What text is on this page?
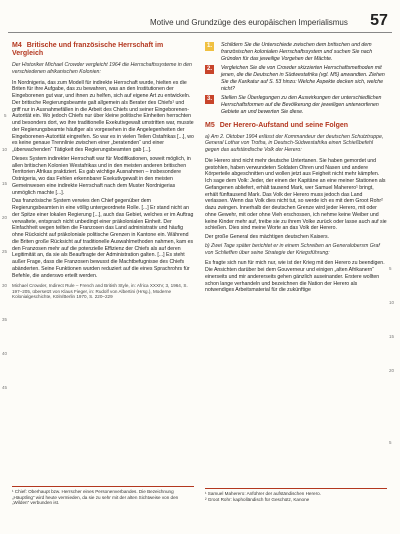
Motive und Grundzüge des europäischen Imperialismus 57
M4 Britische und französische Herrschaft im Vergleich

Der Historiker Michael Crowder vergleicht 1964 die Herrschaftssysteme in den verschiedenen afrikanischen Kolonien:

In Nordnigeria, das zum Modell für indirekte Herrschaft wurde, hielten es die Briten für ihre Aufgabe, das zu bewahren, was an den Institutionen der Eingeborenen gut war, und ihnen zu helfen, sich auf eigene Art zu entwickeln. Der britische Regierungsbeamte galt allgemein als Berater des Chiefs¹ und griff nur in Ausnahmefällen in die Arbeit des Chiefs und seiner Eingeborenen-Autorität ein. Wo jedoch Chiefs nur über kleine politische Einheiten herrschten und besonders dort, wo ihre traditionelle Exekutivgewalt umstritten war, musste der Regierungsbeamte häufiger als vorgesehen in die Angelegenheiten der Eingeborenen-Autorität eingreifen. So war es in vielen Teilen Ostafrikas [...], wo es keine genaue Trennlinie zwischen einer „beratenden“ und einer „überwachenden“ Tätigkeit des Regierungsbeamten gab [...].

Dieses System indirekter Herrschaft war für Modifikationen, soweit möglich, in allen britischen Kolonien Westafrikas und in den meisten anderen britischen Territorien Afrikas praktiziert. Es gab wichtige Ausnahmen – insbesondere Ostnigeria, wo das Fehlen erkennbarer Exekutivgewalt in den meisten Gemeinwesen eine indirekte Herrschaft nach dem Muster Nordnigerias unmöglich machte [...].

Das französische System verwies den Chief gegenüber dem Regierungsbeamten in eine völlig untergeordnete Rolle. [...] Er stand nicht an der Spitze einer lokalen Regierung [...], auch das Gebiet, welches er im Auftrag verwaltete, entsprach nicht unbedingt einer präkolonialen Einheit. Der Einfachheit wegen teilten die Franzosen das Land administrativ und häufig ohne Rücksicht auf präkoloniale politische Grenzen in Kantone ein. Während die Briten große Rücksicht auf traditionelle Auswahlmethoden nahmen, kam es den Franzosen mehr auf die potenzielle Effizienz der Chiefs als auf deren Legitimität an, da sie als Beauftragte der Administration galten. [...] Es steht außer Frage, dass die Franzosen bewusst die Machtbefugnisse des Chiefs abänderten. Seine Funktionen wurden reduziert auf die eines Sprachrohrs für Befehle, die anderswo erteilt werden.

Michael Crowder, Indirect Rule – French and British Style, in: Africa XXXIV, 3, 1964, S. 197–205, übersetzt von Klaus Fieger, in: Rudolf von Albertini (Hrsg.), Moderne Kolonialgeschichte, Köln/Berlin 1970, S. 220–229

¹ Chief: Oberhaupt bzw. Herrscher eines Personenverbandes. Die Bezeichnung „Häuptling“ wird heute vermieden, da sie zu sehr mit der alten Sichtweise von den „Wilden“ verbunden ist.

1.	Schildern Sie die Unterschiede zwischen dem britischen und dem französischen kolonialen Herrschaftssystem und suchen Sie nach Gründen für das jeweilige Vorgehen der Mächte.
2.	Vergleichen Sie die von Crowder skizzierten Herrschaftsmethoden mit jenen, die die Deutschen in Südwestafrika (vgl. M5) anwandten. Ziehen Sie die Karikatur auf S. 53 hinzu: Welche Aspekte decken sich, welche nicht?
3.	Stellen Sie Überlegungen zu den Auswirkungen der unterschiedlichen Herrschaftsformen auf die Bevölkerung der jeweiligen unterworfenen Gebiete an und bewerten Sie diese.
M5 Der Herero-Aufstand und seine Folgen

a) Am 2. Oktober 1904 erlässt der Kommandeur der deutschen Schutztruppe, General Lothar von Trotha, in Deutsch-Südwestafrika einen Schießbefehl gegen das aufständische Volk der Herero:

Die Herero sind nicht mehr deutsche Untertanen. Sie haben gemordet und gestohlen, haben verwundeten Soldaten Ohren und Nasen und andere Körperteile abgeschnitten und wollen jetzt aus Feigheit nicht mehr kämpfen. Ich sage dem Volk: Jeder, der einen der Kapitäne an eine meiner Stationen als Gefangenen abliefert, erhält tausend Mark, wer Samuel Maherero¹ bringt, erhält fünftausend Mark. Das Volk der Herero muss jedoch das Land verlassen. Wenn das Volk dies nicht tut, so werde ich es mit dem Groot Rohr² dazu zwingen. Innerhalb der deutschen Grenze wird jeder Herero, mit oder ohne Gewehr, mit oder ohne Vieh erschossen, ich nehme keine Weiber und keine Kinder mehr auf, treibe sie zu ihrem Volke zurück oder lasse auch auf sie schießen. Dies sind meine Worte an das Volk der Herero.

Der große General des mächtigen deutschen Kaisers.

b) Zwei Tage später berichtet er in einem Schreiben an Generalobersт Graf von Schlieffen über seine Strategie der Kriegsführung:

Es fragte sich nun für mich nur, wie ist der Krieg mit den Herero zu beendigen. Die Ansichten darüber bei dem Gouverneur und einigen „alten Afrikanern“ einerseits und mir andererseits gehen gänzlich auseinander. Erstere wollten schon lange verhandeln und bezeichnen die Nation der Herero als notwendiges Arbeitsmaterial für die zukünftige

¹ Samuel Maherero: Anführer der aufständischen Herero.

² Groot Rohr: kapholländisch für Geschütz, Kanone

5
10
15
20
25
30
35
40
45
5
10
15
20
5
